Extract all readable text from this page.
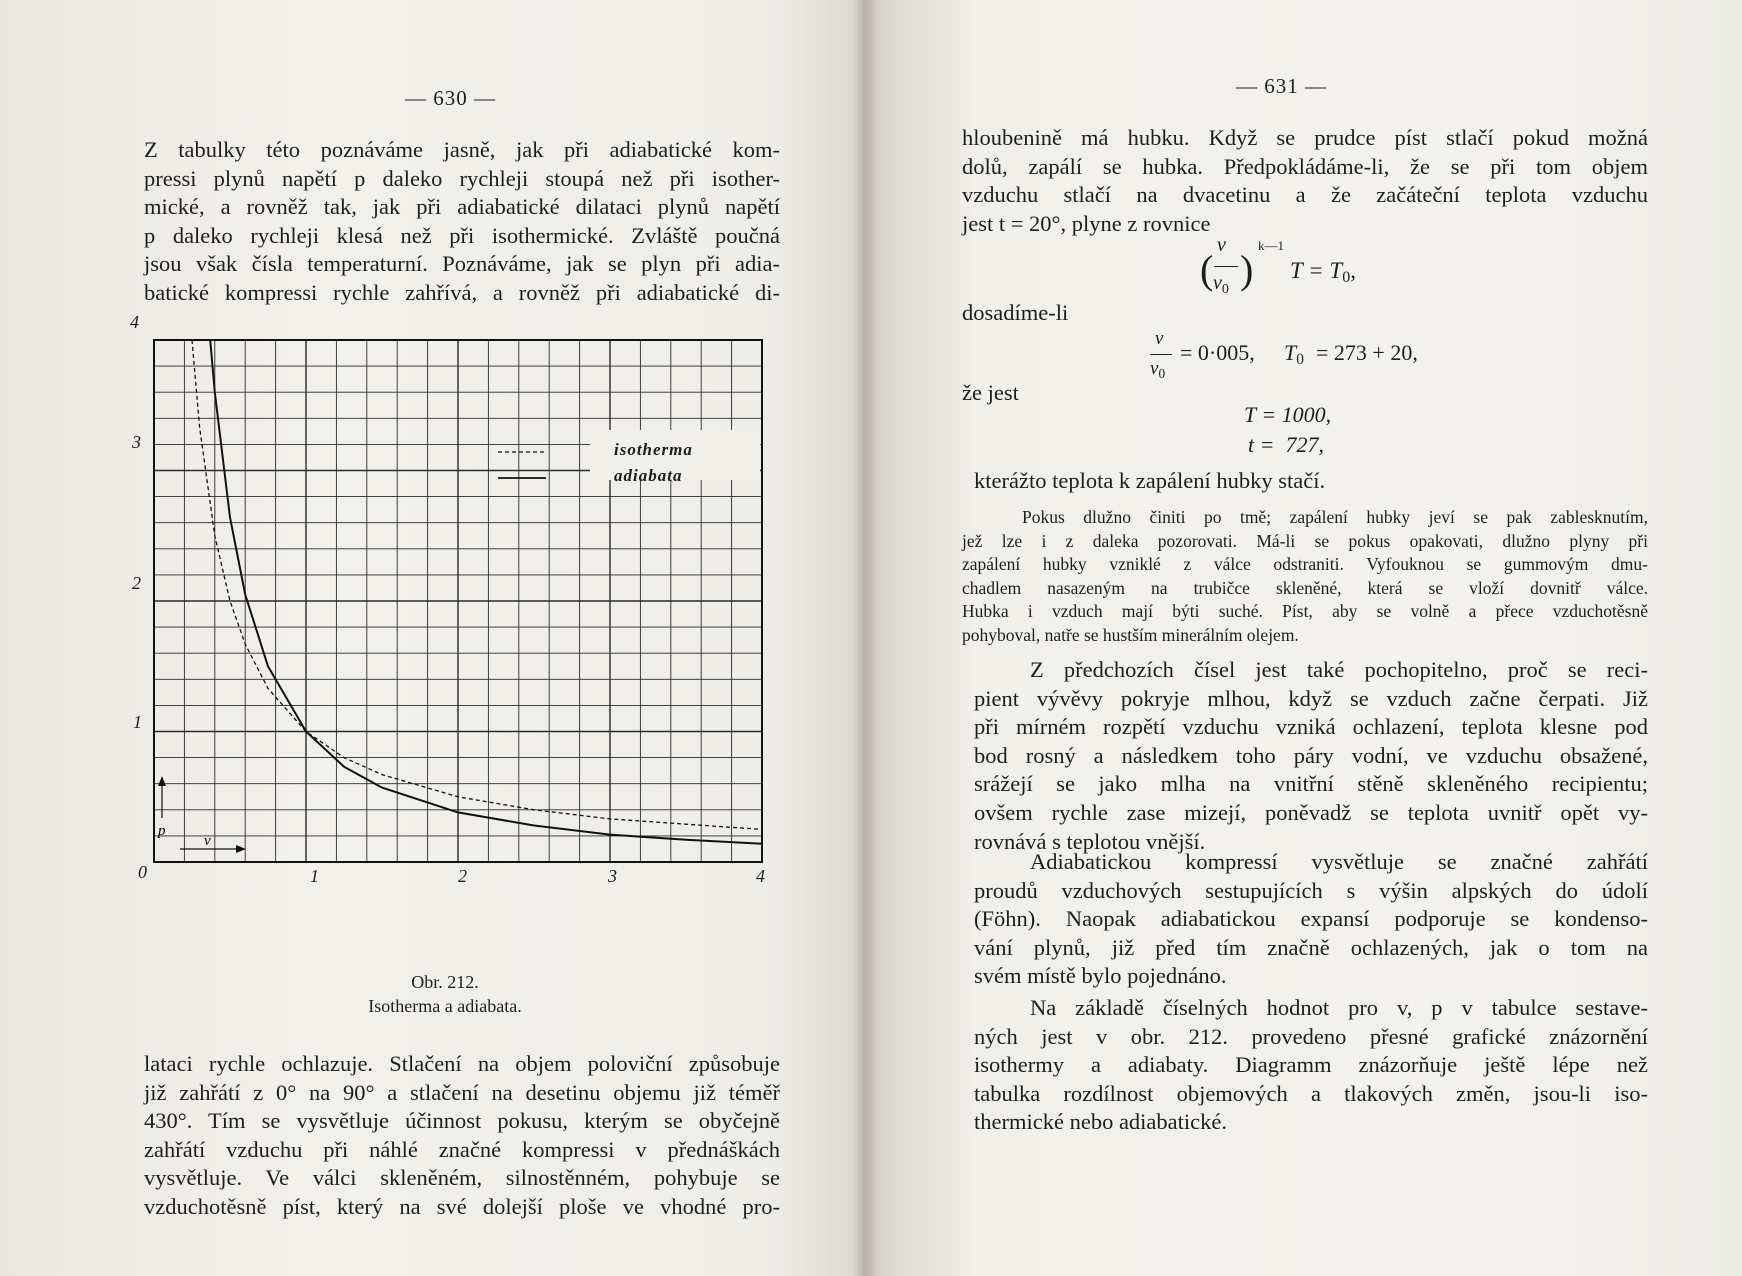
— 630 —
Z tabulky této poznáváme jasně, jak při adiabatické kom-
pressi plynů napětí p daleko rychleji stoupá než při isother-
mické, a rovněž tak, jak při adiabatické dilataci plynů napětí
p daleko rychleji klesá než při isothermické. Zvláště poučná
jsou však čísla temperaturní. Poznáváme, jak se plyn při adia-
batické kompressi rychle zahřívá, a rovněž při adiabatické di-
p
v
4
3
2
1
0	1	2	3	4
isotherma
adiabata
Obr. 212.
Isotherma a adiabata.
lataci rychle ochlazuje. Stlačení na objem poloviční způsobuje
již zahřátí z 0° na 90° a stlačení na desetinu objemu již téměř
430°. Tím se vysvětluje účinnost pokusu, kterým se obyčejně
zahřátí vzduchu při náhlé značné kompressi v přednáškách
vysvětluje. Ve válci skleněném, silnostěnném, pohybuje se
vzduchotěsně píst, který na své dolejší ploše ve vhodné pro-
— 631 —
hloubenině má hubku. Když se prudce píst stlačí pokud možná
dolů, zapálí se hubka. Předpokládáme-li, že se při tom objem
vzduchu stlačí na dvacetinu a že začáteční teplota vzduchu
jest t = 20°, plyne z rovnice
(
v
$v_0$ )
k—1
$T = T_0$,
dosadíme-li
v
$v_0$
= 0·005, $T_0 = 273 + 20$,
že jest
T = 1000,
t =  727,
kterážto teplota k zapálení hubky stačí.
Pokus dlužno činiti po tmě; zapálení hubky jeví se pak zablesknutím,
jež lze i z daleka pozorovati. Má-li se pokus opakovati, dlužno plyny při
zapálení hubky vzniklé z válce odstraniti. Vyfouknou se gummovým dmu-
chadlem nasazeným na trubičce skleněné, která se vloží dovnitř válce.
Hubka i vzduch mají býti suché. Píst, aby se volně a přece vzduchotěsně
pohyboval, natře se hustším minerálním olejem.
Z předchozích čísel jest také pochopitelno, proč se reci-
pient vývěvy pokryje mlhou, když se vzduch začne čerpati. Již
při mírném rozpětí vzduchu vzniká ochlazení, teplota klesne pod
bod rosný a následkem toho páry vodní, ve vzduchu obsažené,
srážejí se jako mlha na vnitřní stěně skleněného recipientu;
ovšem rychle zase mizejí, poněvadž se teplota uvnitř opět vy-
rovnává s teplotou vnější.
Adiabatickou kompressí vysvětluje se značné zahřátí
proudů vzduchových sestupujících s výšin alpských do údolí
(Föhn). Naopak adiabatickou expansí podporuje se kondenso-
vání plynů, již před tím značně ochlazených, jak o tom na
svém místě bylo pojednáno.
Na základě číselných hodnot pro v, p v tabulce sestave-
ných jest v obr. 212. provedeno přesné grafické znázornění
isothermy a adiabaty. Diagramm znázorňuje ještě lépe než
tabulka rozdílnost objemových a tlakových změn, jsou-li iso-
thermické nebo adiabatické.
